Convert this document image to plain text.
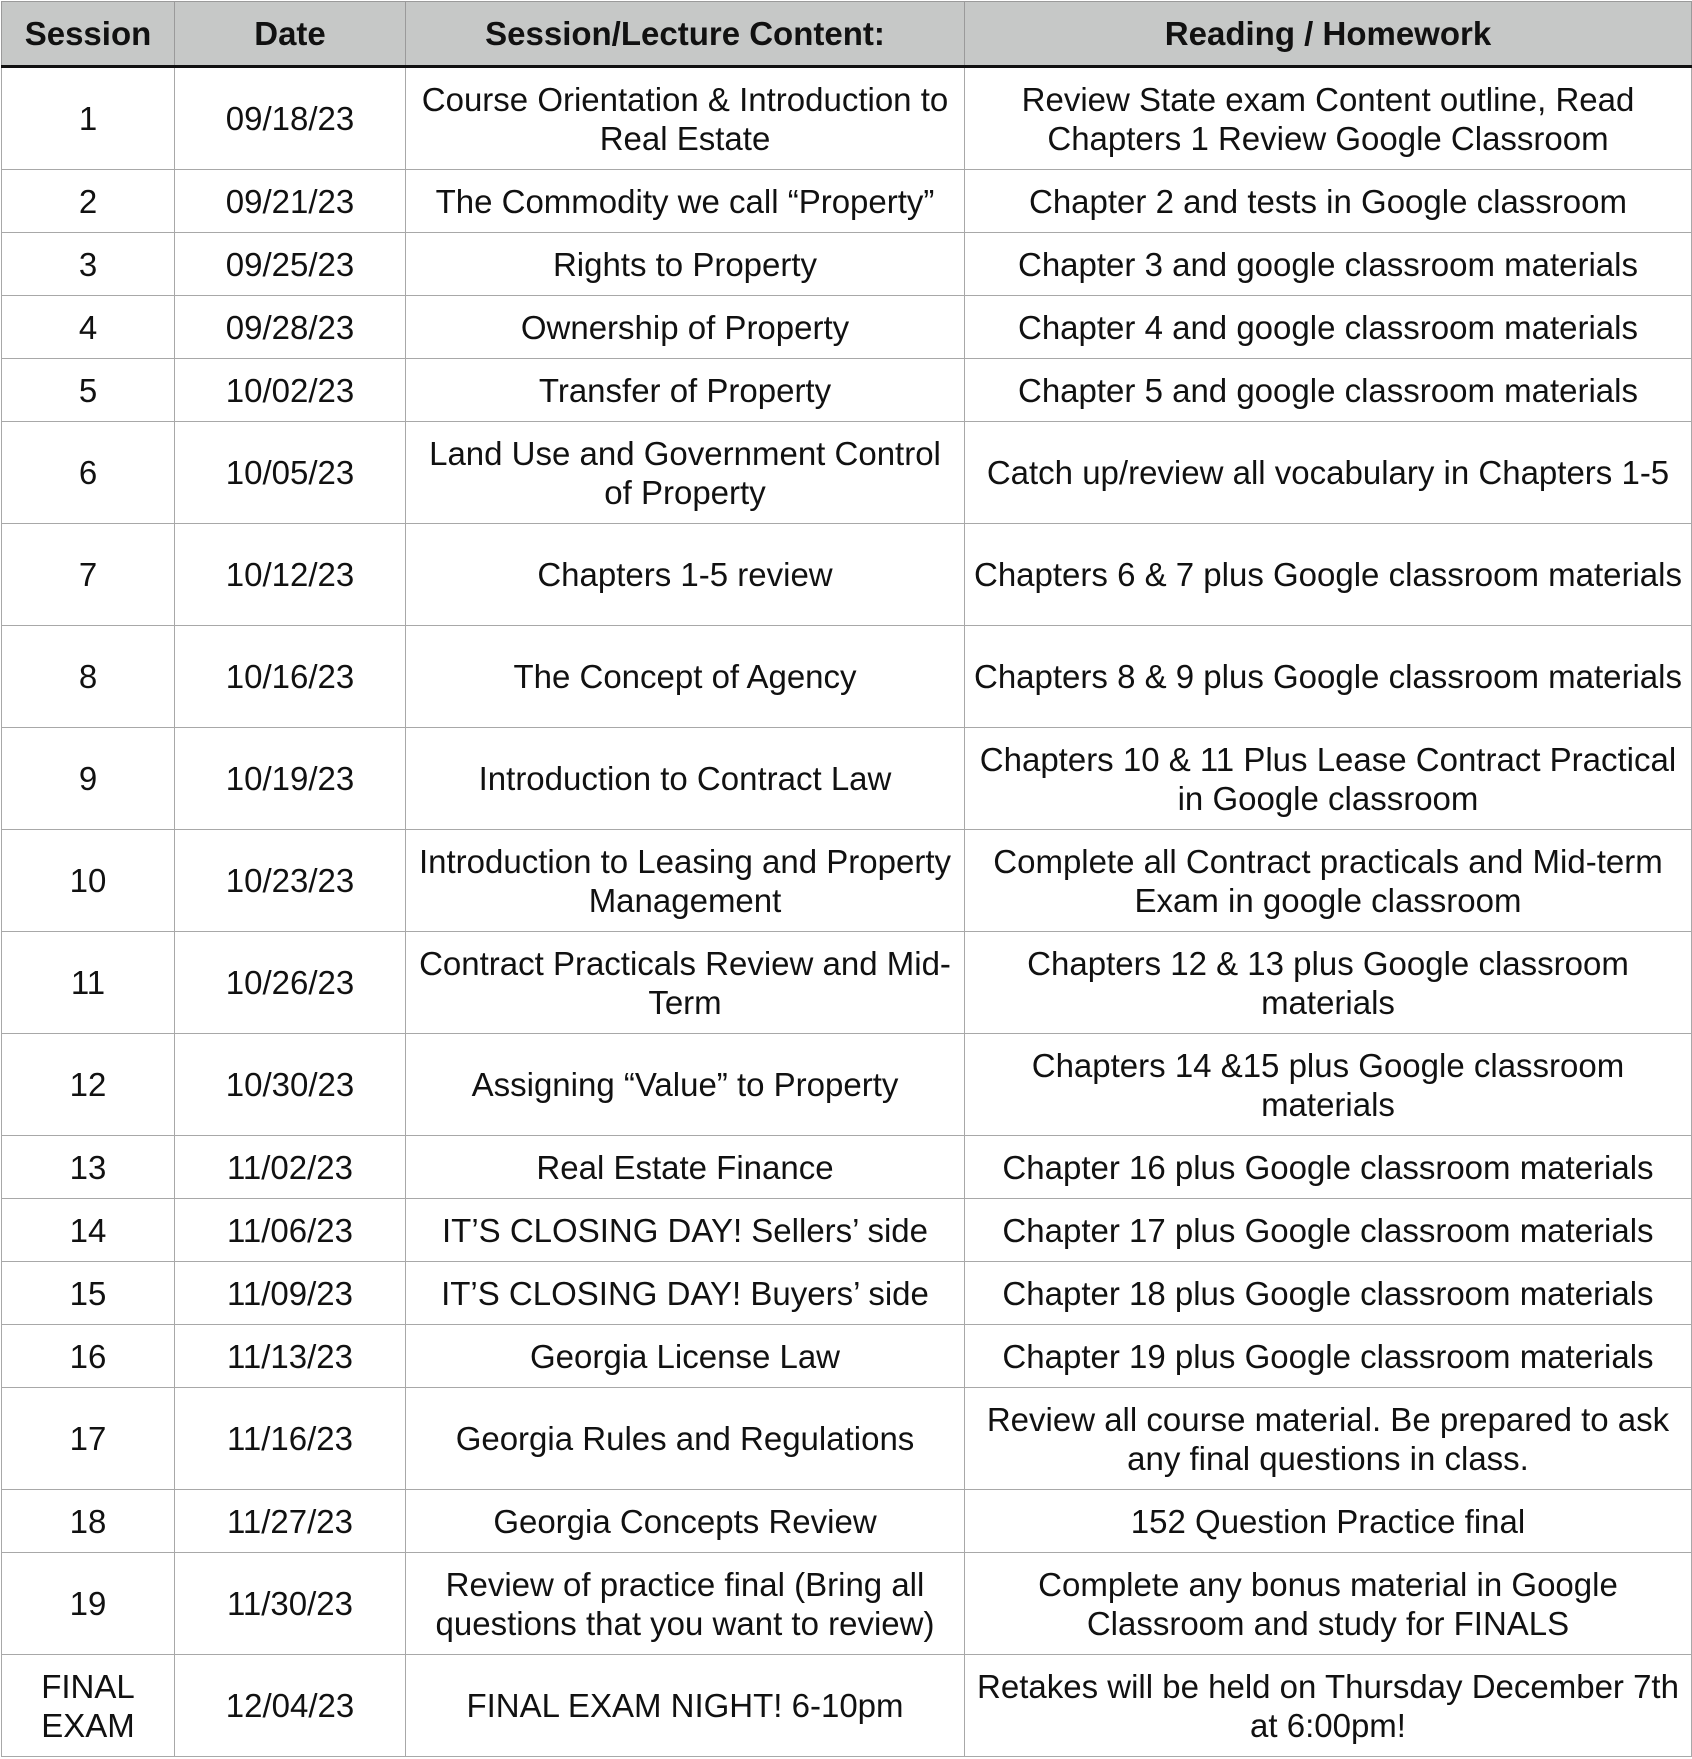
Session	Date	Session/Lecture Content:	Reading / Homework
1	09/18/23	Course Orientation & Introduction to Real Estate	Review State exam Content outline, Read Chapters 1 Review Google Classroom
2	09/21/23	The Commodity we call “Property”	Chapter 2 and tests in Google classroom
3	09/25/23	Rights to Property	Chapter 3 and google classroom materials
4	09/28/23	Ownership of Property	Chapter 4 and google classroom materials
5	10/02/23	Transfer of Property	Chapter 5 and google classroom materials
6	10/05/23	Land Use and Government Control of Property	Catch up/review all vocabulary in Chapters 1-5
7	10/12/23	Chapters 1-5 review	Chapters 6 & 7 plus Google classroom materials
8	10/16/23	The Concept of Agency	Chapters 8 & 9 plus Google classroom materials
9	10/19/23	Introduction to Contract Law	Chapters 10 & 11 Plus Lease Contract Practical in Google classroom
10	10/23/23	Introduction to Leasing and Property Management	Complete all Contract practicals and Mid-term Exam in google classroom
11	10/26/23	Contract Practicals Review and Mid-Term	Chapters 12 & 13 plus Google classroom materials
12	10/30/23	Assigning “Value” to Property	Chapters 14 &15 plus Google classroom materials
13	11/02/23	Real Estate Finance	Chapter 16 plus Google classroom materials
14	11/06/23	IT’S CLOSING DAY! Sellers’ side	Chapter 17 plus Google classroom materials
15	11/09/23	IT’S CLOSING DAY! Buyers’ side	Chapter 18 plus Google classroom materials
16	11/13/23	Georgia License Law	Chapter 19 plus Google classroom materials
17	11/16/23	Georgia Rules and Regulations	Review all course material. Be prepared to ask any final questions in class.
18	11/27/23	Georgia Concepts Review	152 Question Practice final
19	11/30/23	Review of practice final (Bring all questions that you want to review)	Complete any bonus material in Google Classroom and study for FINALS
FINAL EXAM	12/04/23	FINAL EXAM NIGHT! 6-10pm	Retakes will be held on Thursday December 7th at 6:00pm!
